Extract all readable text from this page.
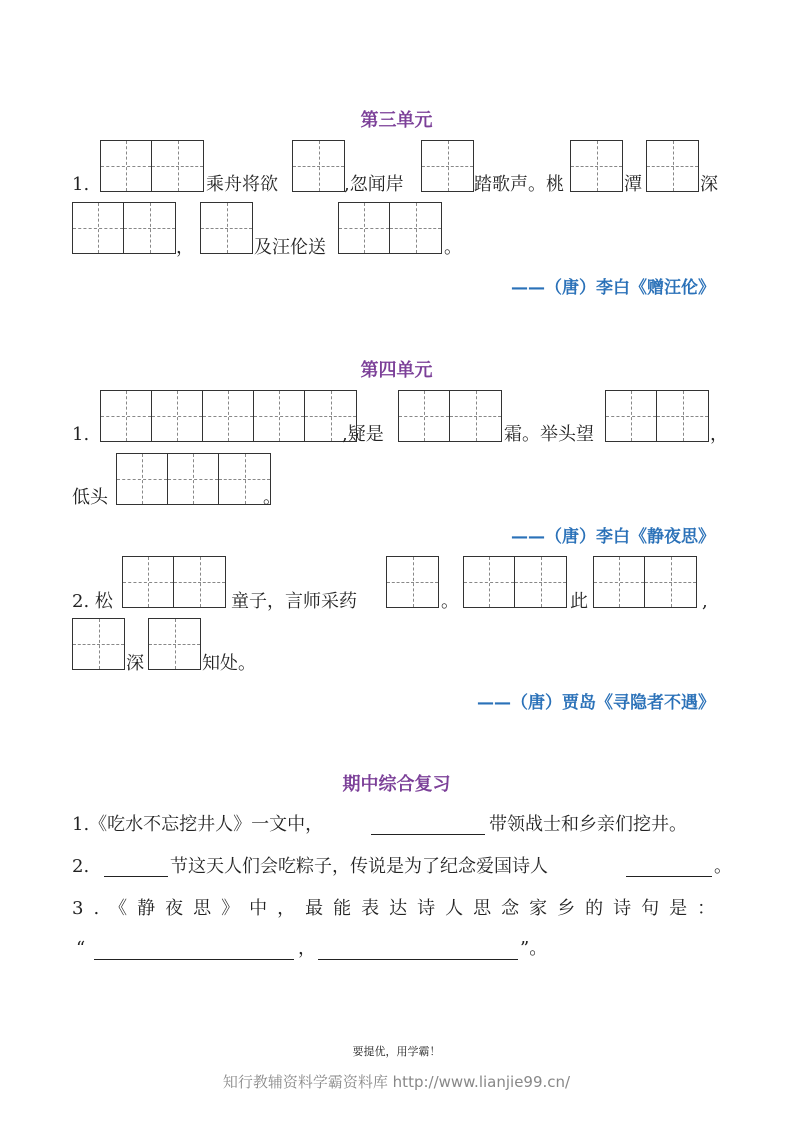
第三单元
1.	乘舟将欲	,忽闻岸	踏歌声。桃	潭	深
，	及汪伦送	。
——（唐）李白《赠汪伦》
第四单元
1.	,疑是	霜。举头望	，
低头	。
——（唐）李白《静夜思》
2. 松	童子，言师采药	。	此	,
深	知处。
——（唐）贾岛《寻隐者不遇》
期中综合复习
1.《吃水不忘挖井人》一文中，	带领战士和乡亲们挖井。
2.	节这天人们会吃粽子，传说是为了纪念爱国诗人	。
3.《静夜思》中，最能表达诗人思念家乡的诗句是：
“	，	”。
要提优，用学霸！
知行教辅资料学霸资料库 http://www.lianjie99.cn/
